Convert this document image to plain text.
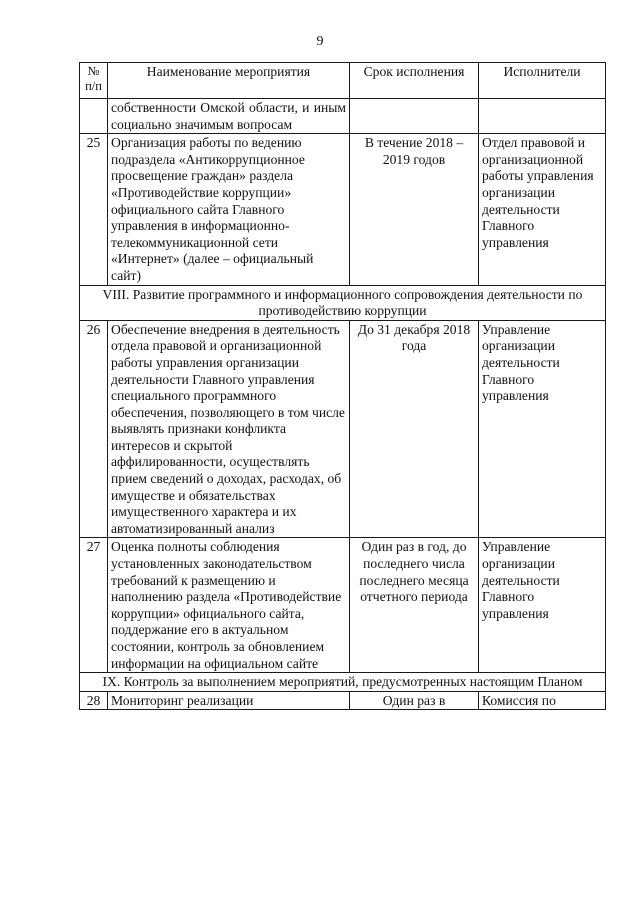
9
№
п/п	Наименование мероприятия	Срок исполнения	Исполнители
	собственности Омской области, и иным социально значимым вопросам		
25	Организация работы по ведению подраздела «Антикоррупционное просвещение граждан» раздела «Противодействие коррупции» официального сайта Главного управления в информационно-телекоммуникационной сети «Интернет» (далее – официальный сайт)	В течение 2018 – 2019 годов	Отдел правовой и организационной работы управления организации деятельности Главного управления
VIII. Развитие программного и информационного сопровождения деятельности по противодействию коррупции			
26	Обеспечение внедрения в деятельность отдела правовой и организационной работы управления организации деятельности Главного управления специального программного обеспечения, позволяющего в том числе выявлять признаки конфликта интересов и скрытой аффилированности, осуществлять прием сведений о доходах, расходах, об имуществе и обязательствах имущественного характера и их автоматизированный анализ	До 31 декабря 2018 года	Управление организации деятельности Главного управления
27	Оценка полноты соблюдения установленных законодательством требований к размещению и наполнению раздела «Противодействие коррупции» официального сайта, поддержание его в актуальном состоянии, контроль за обновлением информации на официальном сайте	Один раз в год, до последнего числа последнего месяца отчетного периода	Управление организации деятельности Главного управления
IX. Контроль за выполнением мероприятий, предусмотренных настоящим Планом			
28	Мониторинг реализации	Один раз в	Комиссия по
